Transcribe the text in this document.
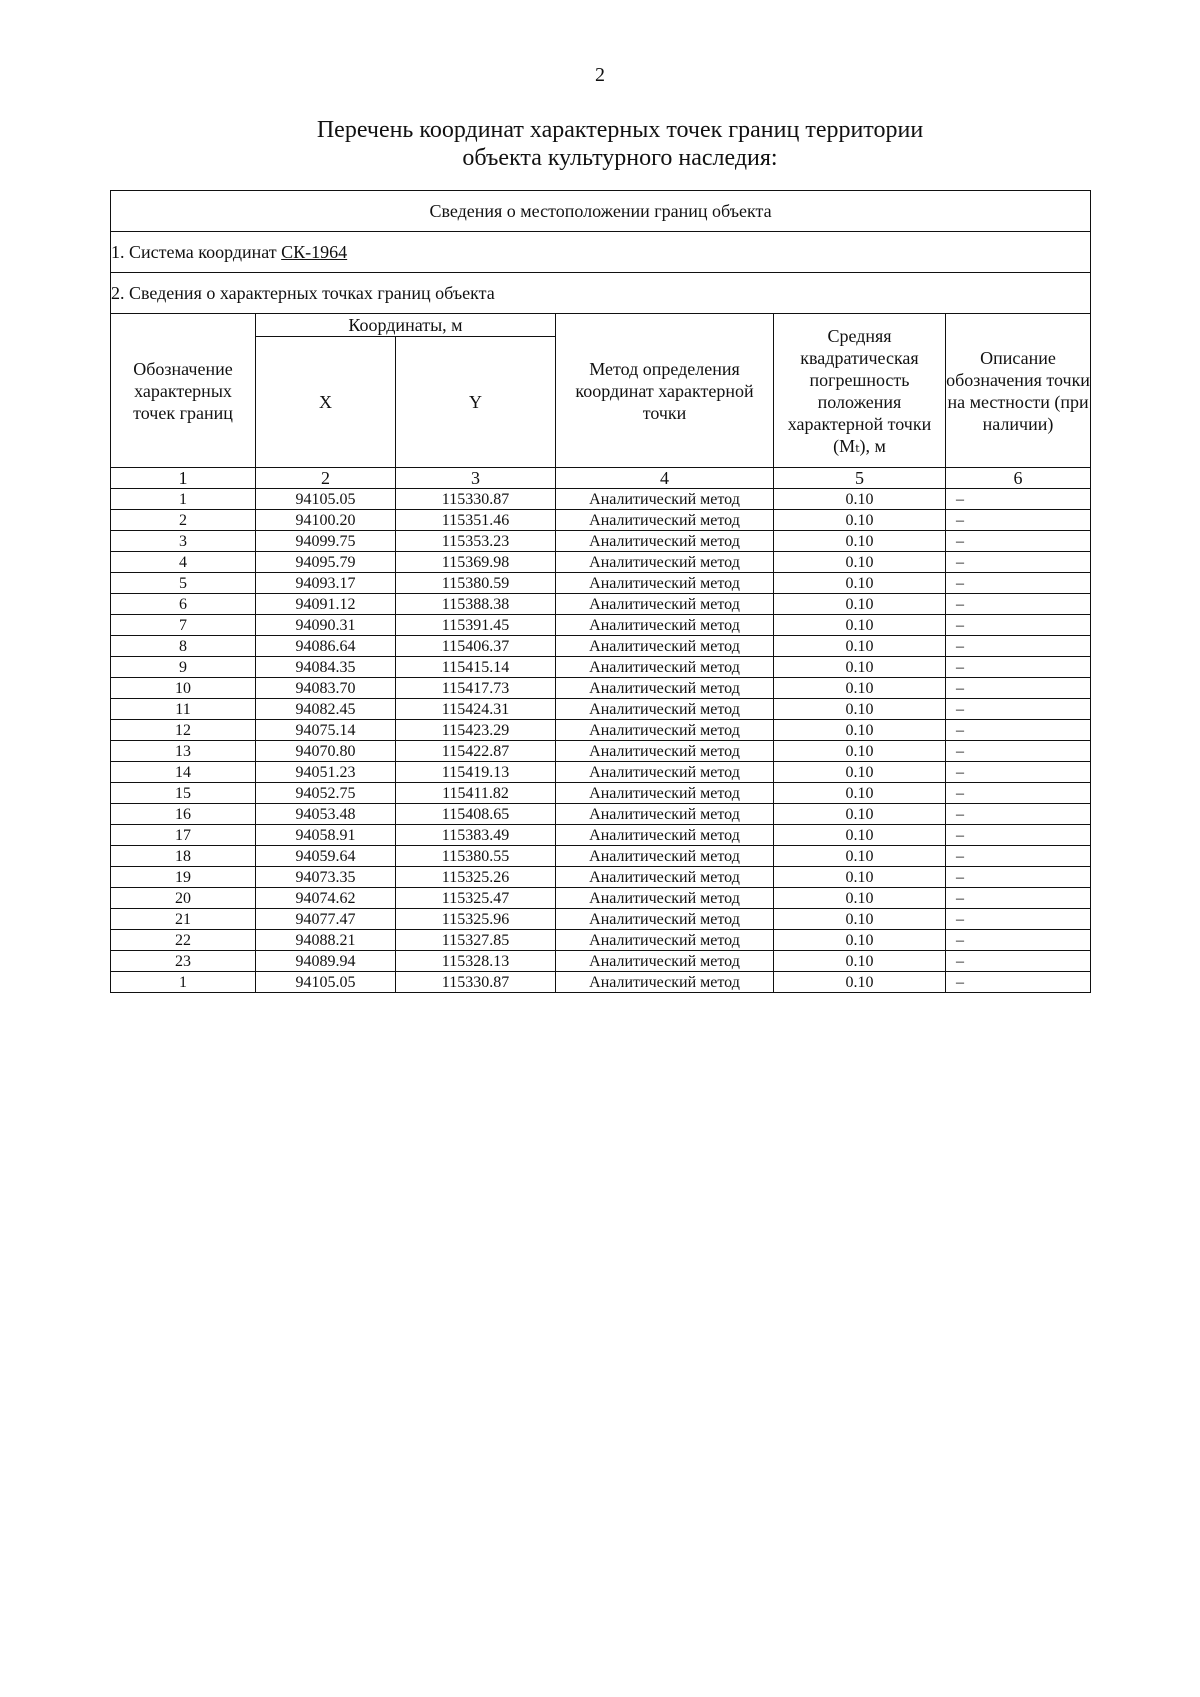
2
Перечень координат характерных точек границ территории
объекта культурного наследия:
Сведения о местоположении границ объекта					
1. Система координат СК-1964					
2. Сведения о характерных точках границ объекта					
Обозначение характерных точек границ	Координаты, м		Метод определения координат характерной точки	Средняя квадратическая погрешность положения характерной точки (Mₜ), м	Описание обозначения точки на местности (при наличии)
	X	Y			
1	2	3	4	5	6
1	94105.05	115330.87	Аналитический метод	0.10	–
2	94100.20	115351.46	Аналитический метод	0.10	–
3	94099.75	115353.23	Аналитический метод	0.10	–
4	94095.79	115369.98	Аналитический метод	0.10	–
5	94093.17	115380.59	Аналитический метод	0.10	–
6	94091.12	115388.38	Аналитический метод	0.10	–
7	94090.31	115391.45	Аналитический метод	0.10	–
8	94086.64	115406.37	Аналитический метод	0.10	–
9	94084.35	115415.14	Аналитический метод	0.10	–
10	94083.70	115417.73	Аналитический метод	0.10	–
11	94082.45	115424.31	Аналитический метод	0.10	–
12	94075.14	115423.29	Аналитический метод	0.10	–
13	94070.80	115422.87	Аналитический метод	0.10	–
14	94051.23	115419.13	Аналитический метод	0.10	–
15	94052.75	115411.82	Аналитический метод	0.10	–
16	94053.48	115408.65	Аналитический метод	0.10	–
17	94058.91	115383.49	Аналитический метод	0.10	–
18	94059.64	115380.55	Аналитический метод	0.10	–
19	94073.35	115325.26	Аналитический метод	0.10	–
20	94074.62	115325.47	Аналитический метод	0.10	–
21	94077.47	115325.96	Аналитический метод	0.10	–
22	94088.21	115327.85	Аналитический метод	0.10	–
23	94089.94	115328.13	Аналитический метод	0.10	–
1	94105.05	115330.87	Аналитический метод	0.10	–
